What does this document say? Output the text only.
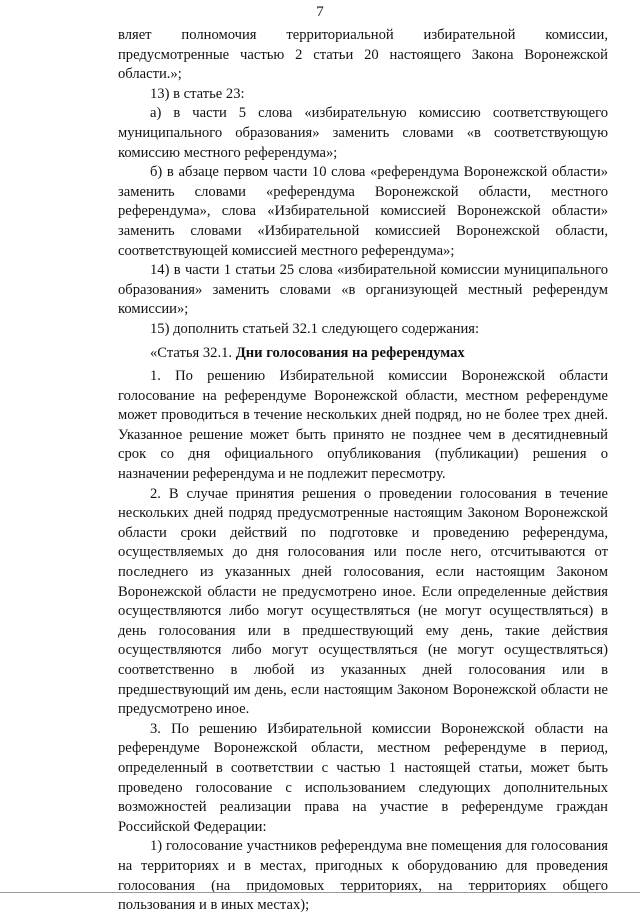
7

вляет полномочия территориальной избирательной комиссии, предусмотренные частью 2 статьи 20 настоящего Закона Воронежской области.»;

13) в статье 23:

а) в части 5 слова «избирательную комиссию соответствующего муниципального образования» заменить словами «в соответствующую комиссию местного референдума»;

б) в абзаце первом части 10 слова «референдума Воронежской области» заменить словами «референдума Воронежской области, местного референдума», слова «Избирательной комиссией Воронежской области» заменить словами «Избирательной комиссией Воронежской области, соответствующей комиссией местного референдума»;

14) в части 1 статьи 25 слова «избирательной комиссии муниципального образования» заменить словами «в организующей местный референдум комиссии»;

15) дополнить статьей 32.1 следующего содержания:

«Статья 32.1. Дни голосования на референдумах

1. По решению Избирательной комиссии Воронежской области голосование на референдуме Воронежской области, местном референдуме может проводиться в течение нескольких дней подряд, но не более трех дней. Указанное решение может быть принято не позднее чем в десятидневный срок со дня официального опубликования (публикации) решения о назначении референдума и не подлежит пересмотру.

2. В случае принятия решения о проведении голосования в течение нескольких дней подряд предусмотренные настоящим Законом Воронежской области сроки действий по подготовке и проведению референдума, осуществляемых до дня голосования или после него, отсчитываются от последнего из указанных дней голосования, если настоящим Законом Воронежской области не предусмотрено иное. Если определенные действия осуществляются либо могут осуществляться (не могут осуществляться) в день голосования или в предшествующий ему день, такие действия осуществляются либо могут осуществляться (не могут осуществляться) соответственно в любой из указанных дней голосования или в предшествующий им день, если настоящим Законом Воронежской области не предусмотрено иное.

3. По решению Избирательной комиссии Воронежской области на референдуме Воронежской области, местном референдуме в период, определенный в соответствии с частью 1 настоящей статьи, может быть проведено голосование с использованием следующих дополнительных возможностей реализации права на участие в референдуме граждан Российской Федерации:

1) голосование участников референдума вне помещения для голосования на территориях и в местах, пригодных к оборудованию для проведения голосования (на придомовых территориях, на территориях общего пользования и в иных местах);
